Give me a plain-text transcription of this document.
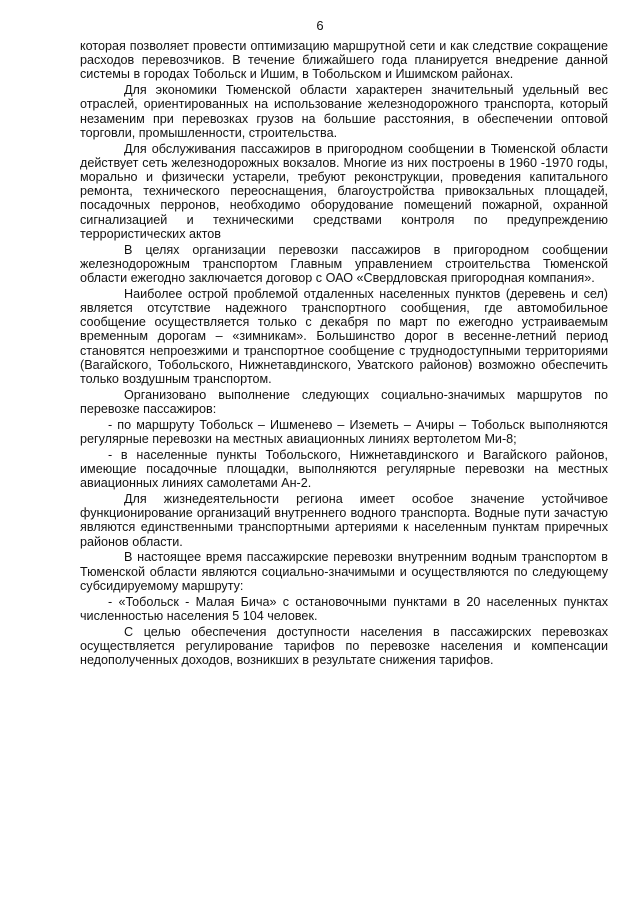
6

которая позволяет провести оптимизацию маршрутной сети и как следствие сокращение расходов перевозчиков. В течение ближайшего года планируется внедрение данной системы в городах Тобольск и Ишим, в Тобольском и Ишимском районах.

Для экономики Тюменской области характерен значительный удельный вес отраслей, ориентированных на использование железнодорожного транспорта, который незаменим при перевозках грузов на большие расстояния, в обеспечении оптовой торговли, промышленности, строительства.

Для обслуживания пассажиров в пригородном сообщении в Тюменской области действует сеть железнодорожных вокзалов. Многие из них построены в 1960 -1970 годы, морально и физически устарели, требуют реконструкции, проведения капитального ремонта, технического переоснащения, благоустройства привокзальных площадей, посадочных перронов, необходимо оборудование помещений пожарной, охранной сигнализацией и техническими средствами контроля по предупреждению террористических актов

В целях организации перевозки пассажиров в пригородном сообщении железнодорожным транспортом Главным управлением строительства Тюменской области ежегодно заключается договор с ОАО «Свердловская пригородная компания».

Наиболее острой проблемой отдаленных населенных пунктов (деревень и сел) является отсутствие надежного транспортного сообщения, где автомобильное сообщение осуществляется только с декабря по март по ежегодно устраиваемым временным дорогам – «зимникам». Большинство дорог в весенне-летний период становятся непроезжими и транспортное сообщение с труднодоступными территориями (Вагайского, Тобольского, Нижнетавдинского, Уватского районов) возможно обеспечить только воздушным транспортом.

Организовано выполнение следующих социально-значимых маршрутов по перевозке пассажиров:

- по маршруту Тобольск – Ишменево – Иземеть – Ачиры – Тобольск выполняются регулярные перевозки на местных авиационных линиях вертолетом Ми-8;

- в населенные пункты Тобольского, Нижнетавдинского и Вагайского районов, имеющие посадочные площадки, выполняются регулярные перевозки на местных авиационных линиях самолетами Ан-2.

Для жизнедеятельности региона имеет особое значение устойчивое функционирование организаций внутреннего водного транспорта. Водные пути зачастую являются единственными транспортными артериями к населенным пунктам приречных районов области.

В настоящее время пассажирские перевозки внутренним водным транспортом в Тюменской области являются социально-значимыми и осуществляются по следующему субсидируемому маршруту:

- «Тобольск - Малая Бича» с остановочными пунктами в 20 населенных пунктах численностью населения 5 104 человек.

С целью обеспечения доступности населения в пассажирских перевозках осуществляется регулирование тарифов по перевозке населения и компенсации недополученных доходов, возникших в результате снижения тарифов.
